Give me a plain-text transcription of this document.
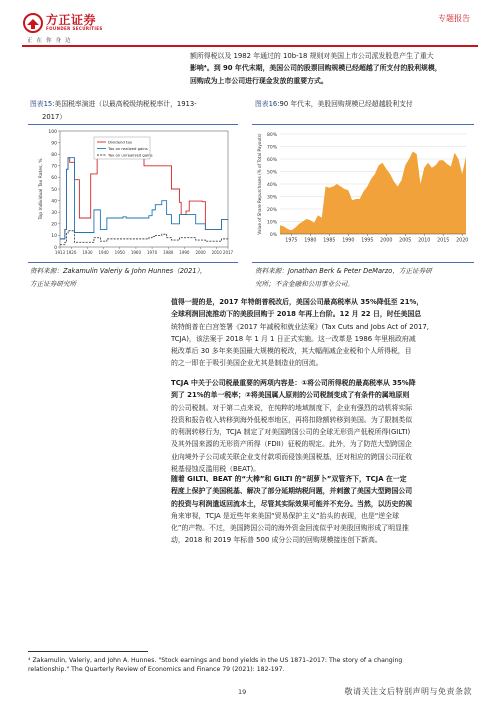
方正证券
FOUNDER SECURITIES
正在你身边
专题报告
额所得税以及 1982 年通过的 10b-18 规则对美国上市公司派发股息产生了重大
影响⁴。到 90 年代末期，美国公司的股票回购规模已经超越了所支付的股利规模，
回购成为上市公司进行现金发放的重要方式。
图表15:美国税率演进（以最高税级纳税税率计，1913-
2017）
图表16:90 年代末，美股回购规模已经超越股利支付
0
10
20
30
40
50
60
70
80
90
100
1913 1920 1930 1940 1950 1960 1970 1980 1990 2000 2010 2017
Top Individual Tax Rates, %
Dividend tax
Tax on realized gains
Tax on unrealized gains
0%
10%
20%
30%
40%
50%
60%
70%
80%
1975 1980 1985 1990 1995 2000 2005 2010 2015 2020
Value of Share Repurchases (% of Total Payouts)
资料来源：Zakamulin Valeriy & John Hunnes（2021），
方正证券研究所
资料来源：Jonathan Berk & Peter DeMarzo，方正证券研
究所；不含金融和公用事业公司。
值得一提的是，2017 年特朗普税改后，美国公司最高税率从 35%降低至 21%，
全球利润回流推动下的美股回购于 2018 年再上台阶。12 月 22 日，时任美国总
统特朗普在白宫签署《2017 年减税和就业法案》(Tax Cuts and Jobs Act of 2017,
TCJA)，该法案于 2018 年 1 月 1 日正式实施。这一改革是 1986 年里根政府减
税改革后 30 多年来美国最大规模的税改，其大幅削减企业税和个人所得税，目
的之一即在于吸引美国企业尤其是制造业的回流。
TCJA 中关于公司税最重要的两项内容是：①将公司所得税的最高税率从 35%降
到了 21%的单一税率；②将美国属人原则的公司税制变成了有条件的属地原则
的公司税制。对于第二点来说，在纯粹的地域制度下，企业有强烈的动机将实际
投资和报告收入转移到海外低税率地区，再将扣除额转移到美国。为了限制类似
的利润转移行为，TCJA 制定了对美国跨国公司的全球无形资产低税所得(GILTI)
及其外国来源的无形资产所得（FDII）征税的规定。此外，为了防范大型跨国企
业向境外子公司或关联企业支付款项而侵蚀美国税基，还对相应的跨国公司征收
税基侵蚀反滥用税（BEAT)。
随着 GILTI、BEAT 的“大棒”和 GILTI 的“胡萝卜”双管齐下，TCJA 在一定
程度上保护了美国税基、解决了部分延期纳税问题，并刺激了美国大型跨国公司
的投资与利润遣返回流本土，尽管其实际效果可能并不充分。当然，以历史的视
角来审视，TCJA 是近些年来美国“贸易保护主义”抬头的表现，也是“逆全球
化”的产物。不过，美国跨国公司的海外资金回流似乎对美股回购形成了明显推
动，2018 和 2019 年标普 500 成分公司的回购规模接连创下新高。
⁴ Zakamulin, Valeriy, and John A. Hunnes. "Stock earnings and bond yields in the US 1871–2017: The story of a changing
relationship." The Quarterly Review of Economics and Finance 79 (2021): 182-197.
19	敬请关注文后特别声明与免责条款
